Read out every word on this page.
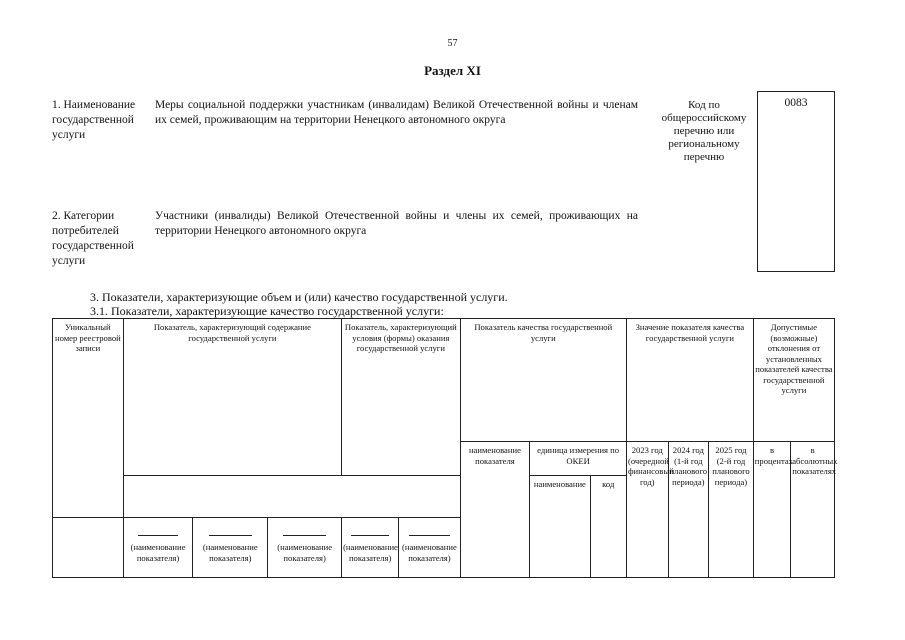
57
Раздел XI
1. Наименование государственной услуги
Меры социальной поддержки участникам (инвалидам) Великой Отечественной войны и членам их семей, проживающим на территории Ненецкого автономного округа
Код по общероссийскому перечню или региональному перечню
0083
2. Категории потребителей государственной услуги
Участники (инвалиды) Великой Отечественной войны и члены их семей, проживающих на территории Ненецкого автономного округа
3. Показатели, характеризующие объем и (или) качество государственной услуги.
3.1. Показатели, характеризующие качество государственной услуги:
Уникальный номер реестровой записи	Показатель, характеризующий содержание государственной услуги			Показатель, характеризующий условия (формы) оказания государственной услуги		Показатель качества государственной услуги			Значение показателя качества государственной услуги			Допустимые (возможные) отклонения от установленных показателей качества государственной услуги	
						наименование показателя	единица измерения по ОКЕИ		2023 год (очередной финансовый год)	2024 год (1-й год планового периода)	2025 год (2-й год планового периода)	в процентах	в абсолютных показателях
							наименование	код					

(наименование показателя)	(наименование показателя)	(наименование показателя)	(наименование показателя)	(наименование показателя)								
